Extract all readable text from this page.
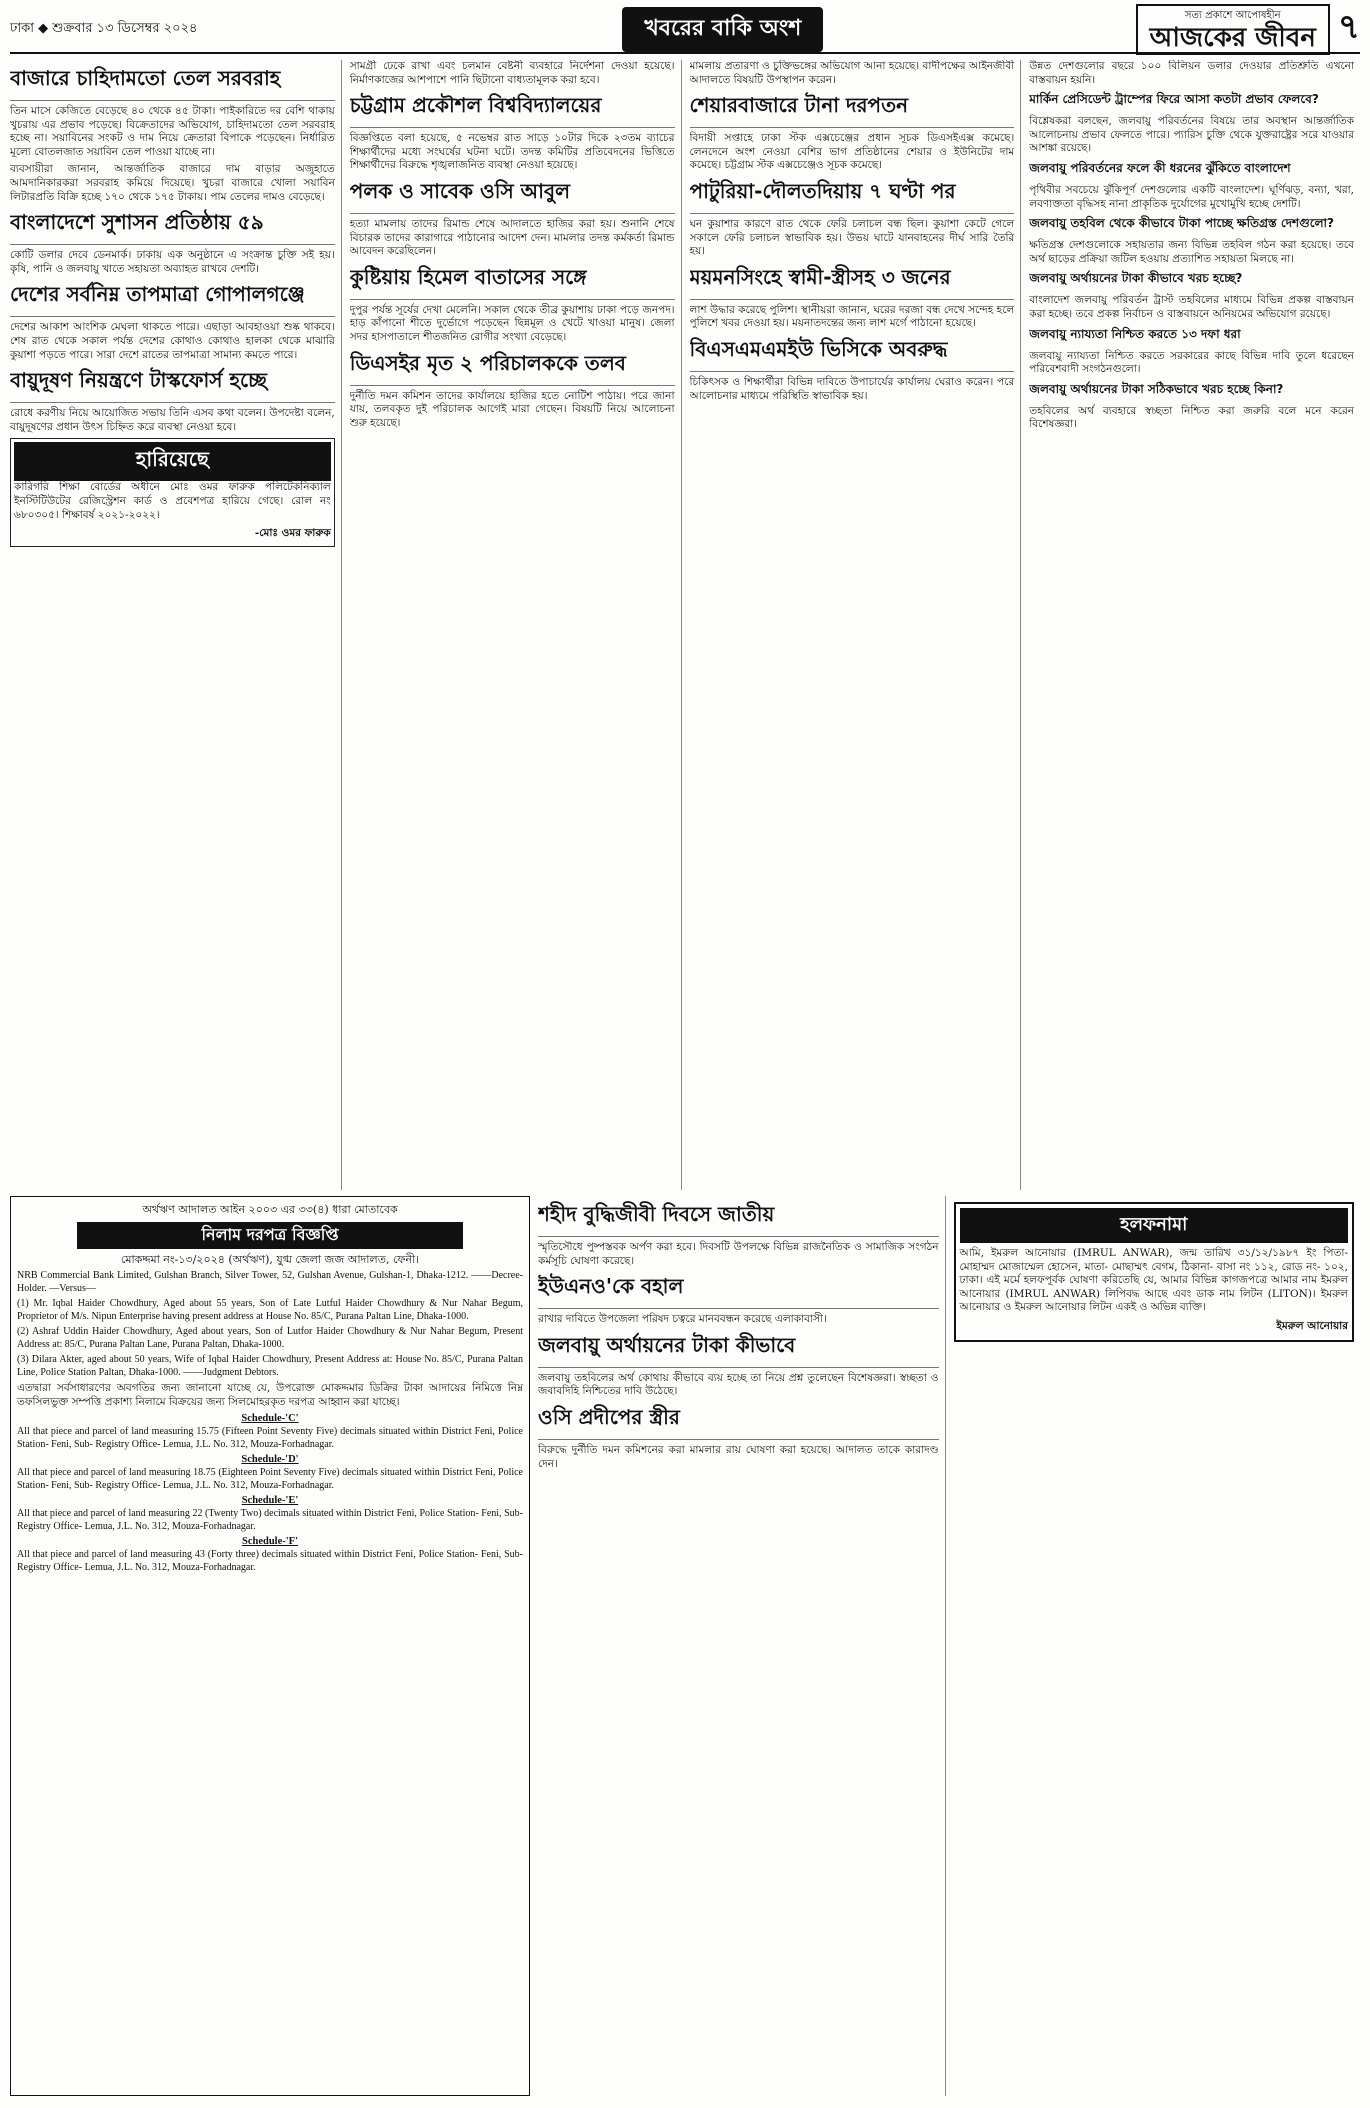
ঢাকা ◆ শুক্রবার ১৩ ডিসেম্বর ২০২৪	খবরের বাকি অংশ
সত্য প্রকাশে আপোষহীন
আজকের জীবন ৭
বাজারে চাহিদামতো তেল সরবরাহ

তিন মাসে কেজিতে বেড়েছে ৪০ থেকে ৪৫ টাকা। পাইকারিতে দর বেশি থাকায় খুচরায় এর প্রভাব পড়েছে। বিক্রেতাদের অভিযোগ, চাহিদামতো তেল সরবরাহ হচ্ছে না। সয়াবিনের সংকট ও দাম নিয়ে ক্রেতারা বিপাকে পড়েছেন। নির্ধারিত মূল্যে বোতলজাত সয়াবিন তেল পাওয়া যাচ্ছে না।

ব্যবসায়ীরা জানান, আন্তর্জাতিক বাজারে দাম বাড়ার অজুহাতে আমদানিকারকরা সরবরাহ কমিয়ে দিয়েছে। খুচরা বাজারে খোলা সয়াবিন লিটারপ্রতি বিক্রি হচ্ছে ১৭০ থেকে ১৭৫ টাকায়। পাম তেলের দামও বেড়েছে।

বাংলাদেশে সুশাসন প্রতিষ্ঠায় ৫৯

কোটি ডলার দেবে ডেনমার্ক। ঢাকায় এক অনুষ্ঠানে এ সংক্রান্ত চুক্তি সই হয়। কৃষি, পানি ও জলবায়ু খাতে সহায়তা অব্যাহত রাখবে দেশটি।

দেশের সর্বনিম্ন তাপমাত্রা গোপালগঞ্জে

দেশের আকাশ আংশিক মেঘলা থাকতে পারে। এছাড়া আবহাওয়া শুষ্ক থাকবে। শেষ রাত থেকে সকাল পর্যন্ত দেশের কোথাও কোথাও হালকা থেকে মাঝারি কুয়াশা পড়তে পারে। সারা দেশে রাতের তাপমাত্রা সামান্য কমতে পারে।

বায়ুদূষণ নিয়ন্ত্রণে টাস্কফোর্স হচ্ছে

রোধে করণীয় নিয়ে আয়োজিত সভায় তিনি এসব কথা বলেন। উপদেষ্টা বলেন, বায়ুদূষণের প্রধান উৎস চিহ্নিত করে ব্যবস্থা নেওয়া হবে।

হারিয়েছে

কারিগরি শিক্ষা বোর্ডের অধীনে মোঃ ওমর ফারুক পলিটেকনিক্যাল ইনস্টিটিউটের রেজিস্ট্রেশন কার্ড ও প্রবেশপত্র হারিয়ে গেছে। রোল নং ৬৮০৩০৫। শিক্ষাবর্ষ ২০২১-২০২২।

-মোঃ ওমর ফারুক

সামগ্রী ঢেকে রাখা এবং চলমান বেষ্টনী ব্যবহারে নির্দেশনা দেওয়া হয়েছে। নির্মাণকাজের আশপাশে পানি ছিটানো বাধ্যতামূলক করা হবে।

চট্টগ্রাম প্রকৌশল বিশ্ববিদ্যালয়ের

বিজ্ঞপ্তিতে বলা হয়েছে, ৫ নভেম্বর রাত সাড়ে ১০টার দিকে ২৩তম ব্যাচের শিক্ষার্থীদের মধ্যে সংঘর্ষের ঘটনা ঘটে। তদন্ত কমিটির প্রতিবেদনের ভিত্তিতে শিক্ষার্থীদের বিরুদ্ধে শৃঙ্খলাজনিত ব্যবস্থা নেওয়া হয়েছে।

পলক ও সাবেক ওসি আবুল

হত্যা মামলায় তাদের রিমান্ড শেষে আদালতে হাজির করা হয়। শুনানি শেষে বিচারক তাদের কারাগারে পাঠানোর আদেশ দেন। মামলার তদন্ত কর্মকর্তা রিমান্ড আবেদন করেছিলেন।

কুষ্টিয়ায় হিমেল বাতাসের সঙ্গে

দুপুর পর্যন্ত সূর্যের দেখা মেলেনি। সকাল থেকে তীব্র কুয়াশায় ঢাকা পড়ে জনপদ। হাড় কাঁপানো শীতে দুর্ভোগে পড়েছেন ছিন্নমূল ও খেটে খাওয়া মানুষ। জেলা সদর হাসপাতালে শীতজনিত রোগীর সংখ্যা বেড়েছে।

ডিএসইর মৃত ২ পরিচালককে তলব

দুর্নীতি দমন কমিশন তাদের কার্যালয়ে হাজির হতে নোটিশ পাঠায়। পরে জানা যায়, তলবকৃত দুই পরিচালক আগেই মারা গেছেন। বিষয়টি নিয়ে আলোচনা শুরু হয়েছে।

মামলায় প্রতারণা ও চুক্তিভঙ্গের অভিযোগ আনা হয়েছে। বাদীপক্ষের আইনজীবী আদালতে বিষয়টি উপস্থাপন করেন।

শেয়ারবাজারে টানা দরপতন

বিদায়ী সপ্তাহে ঢাকা স্টক এক্সচেঞ্জের প্রধান সূচক ডিএসইএক্স কমেছে। লেনদেনে অংশ নেওয়া বেশির ভাগ প্রতিষ্ঠানের শেয়ার ও ইউনিটের দাম কমেছে। চট্টগ্রাম স্টক এক্সচেঞ্জেও সূচক কমেছে।

পাটুরিয়া-দৌলতদিয়ায় ৭ ঘণ্টা পর

ঘন কুয়াশার কারণে রাত থেকে ফেরি চলাচল বন্ধ ছিল। কুয়াশা কেটে গেলে সকালে ফেরি চলাচল স্বাভাবিক হয়। উভয় ঘাটে যানবাহনের দীর্ঘ সারি তৈরি হয়।

ময়মনসিংহে স্বামী-স্ত্রীসহ ৩ জনের

লাশ উদ্ধার করেছে পুলিশ। স্থানীয়রা জানান, ঘরের দরজা বন্ধ দেখে সন্দেহ হলে পুলিশে খবর দেওয়া হয়। ময়নাতদন্তের জন্য লাশ মর্গে পাঠানো হয়েছে।

বিএসএমএমইউ ভিসিকে অবরুদ্ধ

চিকিৎসক ও শিক্ষার্থীরা বিভিন্ন দাবিতে উপাচার্যের কার্যালয় ঘেরাও করেন। পরে আলোচনার মাধ্যমে পরিস্থিতি স্বাভাবিক হয়।

উন্নত দেশগুলোর বছরে ১০০ বিলিয়ন ডলার দেওয়ার প্রতিশ্রুতি এখনো বাস্তবায়ন হয়নি।

মার্কিন প্রেসিডেন্ট ট্রাম্পের ফিরে আসা কতটা প্রভাব ফেলবে?

বিশ্লেষকরা বলছেন, জলবায়ু পরিবর্তনের বিষয়ে তার অবস্থান আন্তর্জাতিক আলোচনায় প্রভাব ফেলতে পারে। প্যারিস চুক্তি থেকে যুক্তরাষ্ট্রের সরে যাওয়ার আশঙ্কা রয়েছে।

জলবায়ু পরিবর্তনের ফলে কী ধরনের ঝুঁকিতে বাংলাদেশ

পৃথিবীর সবচেয়ে ঝুঁকিপূর্ণ দেশগুলোর একটি বাংলাদেশ। ঘূর্ণিঝড়, বন্যা, খরা, লবণাক্ততা বৃদ্ধিসহ নানা প্রাকৃতিক দুর্যোগের মুখোমুখি হচ্ছে দেশটি।

জলবায়ু তহবিল থেকে কীভাবে টাকা পাচ্ছে ক্ষতিগ্রস্ত দেশগুলো?

ক্ষতিগ্রস্ত দেশগুলোকে সহায়তার জন্য বিভিন্ন তহবিল গঠন করা হয়েছে। তবে অর্থ ছাড়ের প্রক্রিয়া জটিল হওয়ায় প্রত্যাশিত সহায়তা মিলছে না।

জলবায়ু অর্থায়নের টাকা কীভাবে খরচ হচ্ছে?

বাংলাদেশ জলবায়ু পরিবর্তন ট্রাস্ট তহবিলের মাধ্যমে বিভিন্ন প্রকল্প বাস্তবায়ন করা হচ্ছে। তবে প্রকল্প নির্বাচন ও বাস্তবায়নে অনিয়মের অভিযোগ রয়েছে।

জলবায়ু ন্যায্যতা নিশ্চিত করতে ১৩ দফা ধরা

জলবায়ু ন্যায্যতা নিশ্চিত করতে সরকারের কাছে বিভিন্ন দাবি তুলে ধরেছেন পরিবেশবাদী সংগঠনগুলো।

জলবায়ু অর্থায়নের টাকা সঠিকভাবে খরচ হচ্ছে কিনা?

তহবিলের অর্থ ব্যবহারে স্বচ্ছতা নিশ্চিত করা জরুরি বলে মনে করেন বিশেষজ্ঞরা।

অর্থঋণ আদালত আইন ২০০৩ এর ৩৩(৪) ধারা মোতাবেক
নিলাম দরপত্র বিজ্ঞপ্তি
মোকদ্দমা নং-১৩/২০২৪ (অর্থঋণ), যুগ্ম জেলা জজ আদালত, ফেনী।

NRB Commercial Bank Limited, Gulshan Branch, Silver Tower, 52, Gulshan Avenue, Gulshan-1, Dhaka-1212. ——Decree-Holder. —Versus—

(1) Mr. Iqbal Haider Chowdhury, Aged about 55 years, Son of Late Lutful Haider Chowdhury & Nur Nahar Begum, Proprietor of M/s. Nipun Enterprise having present address at House No. 85/C, Purana Paltan Line, Dhaka-1000.

(2) Ashraf Uddin Haider Chowdhury, Aged about years, Son of Lutfor Haider Chowdhury & Nur Nahar Begum, Present Address at: 85/C, Purana Paltan Lane, Purana Paltan, Dhaka-1000.

(3) Dilara Akter, aged about 50 years, Wife of Iqbal Haider Chowdhury, Present Address at: House No. 85/C, Purana Paltan Line, Police Station Paltan, Dhaka-1000. ——Judgment Debtors.

এতদ্বারা সর্বসাধারণের অবগতির জন্য জানানো যাচ্ছে যে, উপরোক্ত মোকদ্দমার ডিক্রির টাকা আদায়ের নিমিত্তে নিম্ন তফসিলভুক্ত সম্পত্তি প্রকাশ্য নিলামে বিক্রয়ের জন্য সিলমোহরকৃত দরপত্র আহ্বান করা যাচ্ছে।

Schedule-'C'

All that piece and parcel of land measuring 15.75 (Fifteen Point Seventy Five) decimals situated within District Feni, Police Station- Feni, Sub- Registry Office- Lemua, J.L. No. 312, Mouza-Forhadnagar.

Schedule-'D'

All that piece and parcel of land measuring 18.75 (Eighteen Point Seventy Five) decimals situated within District Feni, Police Station- Feni, Sub- Registry Office- Lemua, J.L. No. 312, Mouza-Forhadnagar.

Schedule-'E'

All that piece and parcel of land measuring 22 (Twenty Two) decimals situated within District Feni, Police Station- Feni, Sub- Registry Office- Lemua, J.L. No. 312, Mouza-Forhadnagar.

Schedule-'F'

All that piece and parcel of land measuring 43 (Forty three) decimals situated within District Feni, Police Station- Feni, Sub- Registry Office- Lemua, J.L. No. 312, Mouza-Forhadnagar.

শহীদ বুদ্ধিজীবী দিবসে জাতীয়

স্মৃতিসৌধে পুষ্পস্তবক অর্পণ করা হবে। দিবসটি উপলক্ষে বিভিন্ন রাজনৈতিক ও সামাজিক সংগঠন কর্মসূচি ঘোষণা করেছে।

ইউএনও'কে বহাল

রাখার দাবিতে উপজেলা পরিষদ চত্বরে মানববন্ধন করেছে এলাকাবাসী।

জলবায়ু অর্থায়নের টাকা কীভাবে

জলবায়ু তহবিলের অর্থ কোথায় কীভাবে ব্যয় হচ্ছে তা নিয়ে প্রশ্ন তুলেছেন বিশেষজ্ঞরা। স্বচ্ছতা ও জবাবদিহি নিশ্চিতের দাবি উঠেছে।

ওসি প্রদীপের স্ত্রীর

বিরুদ্ধে দুর্নীতি দমন কমিশনের করা মামলার রায় ঘোষণা করা হয়েছে। আদালত তাকে কারাদণ্ড দেন।

হলফনামা

আমি, ইমরুল আনোয়ার (IMRUL ANWAR), জন্ম তারিখ ৩১/১২/১৯৮৭ ইং পিতা- মোহাম্মদ মোজাম্মেল হোসেন, মাতা- মোছাম্মৎ বেগম, ঠিকানা- বাসা নং ১১২, রোড নং- ১০২, ঢাকা। এই মর্মে হলফপূর্বক ঘোষণা করিতেছি যে, আমার বিভিন্ন কাগজপত্রে আমার নাম ইমরুল আনোয়ার (IMRUL ANWAR) লিপিবদ্ধ আছে এবং ডাক নাম লিটন (LITON)। ইমরুল আনোয়ার ও ইমরুল আনোয়ার লিটন একই ও অভিন্ন ব্যক্তি।

ইমরুল আনোয়ার
